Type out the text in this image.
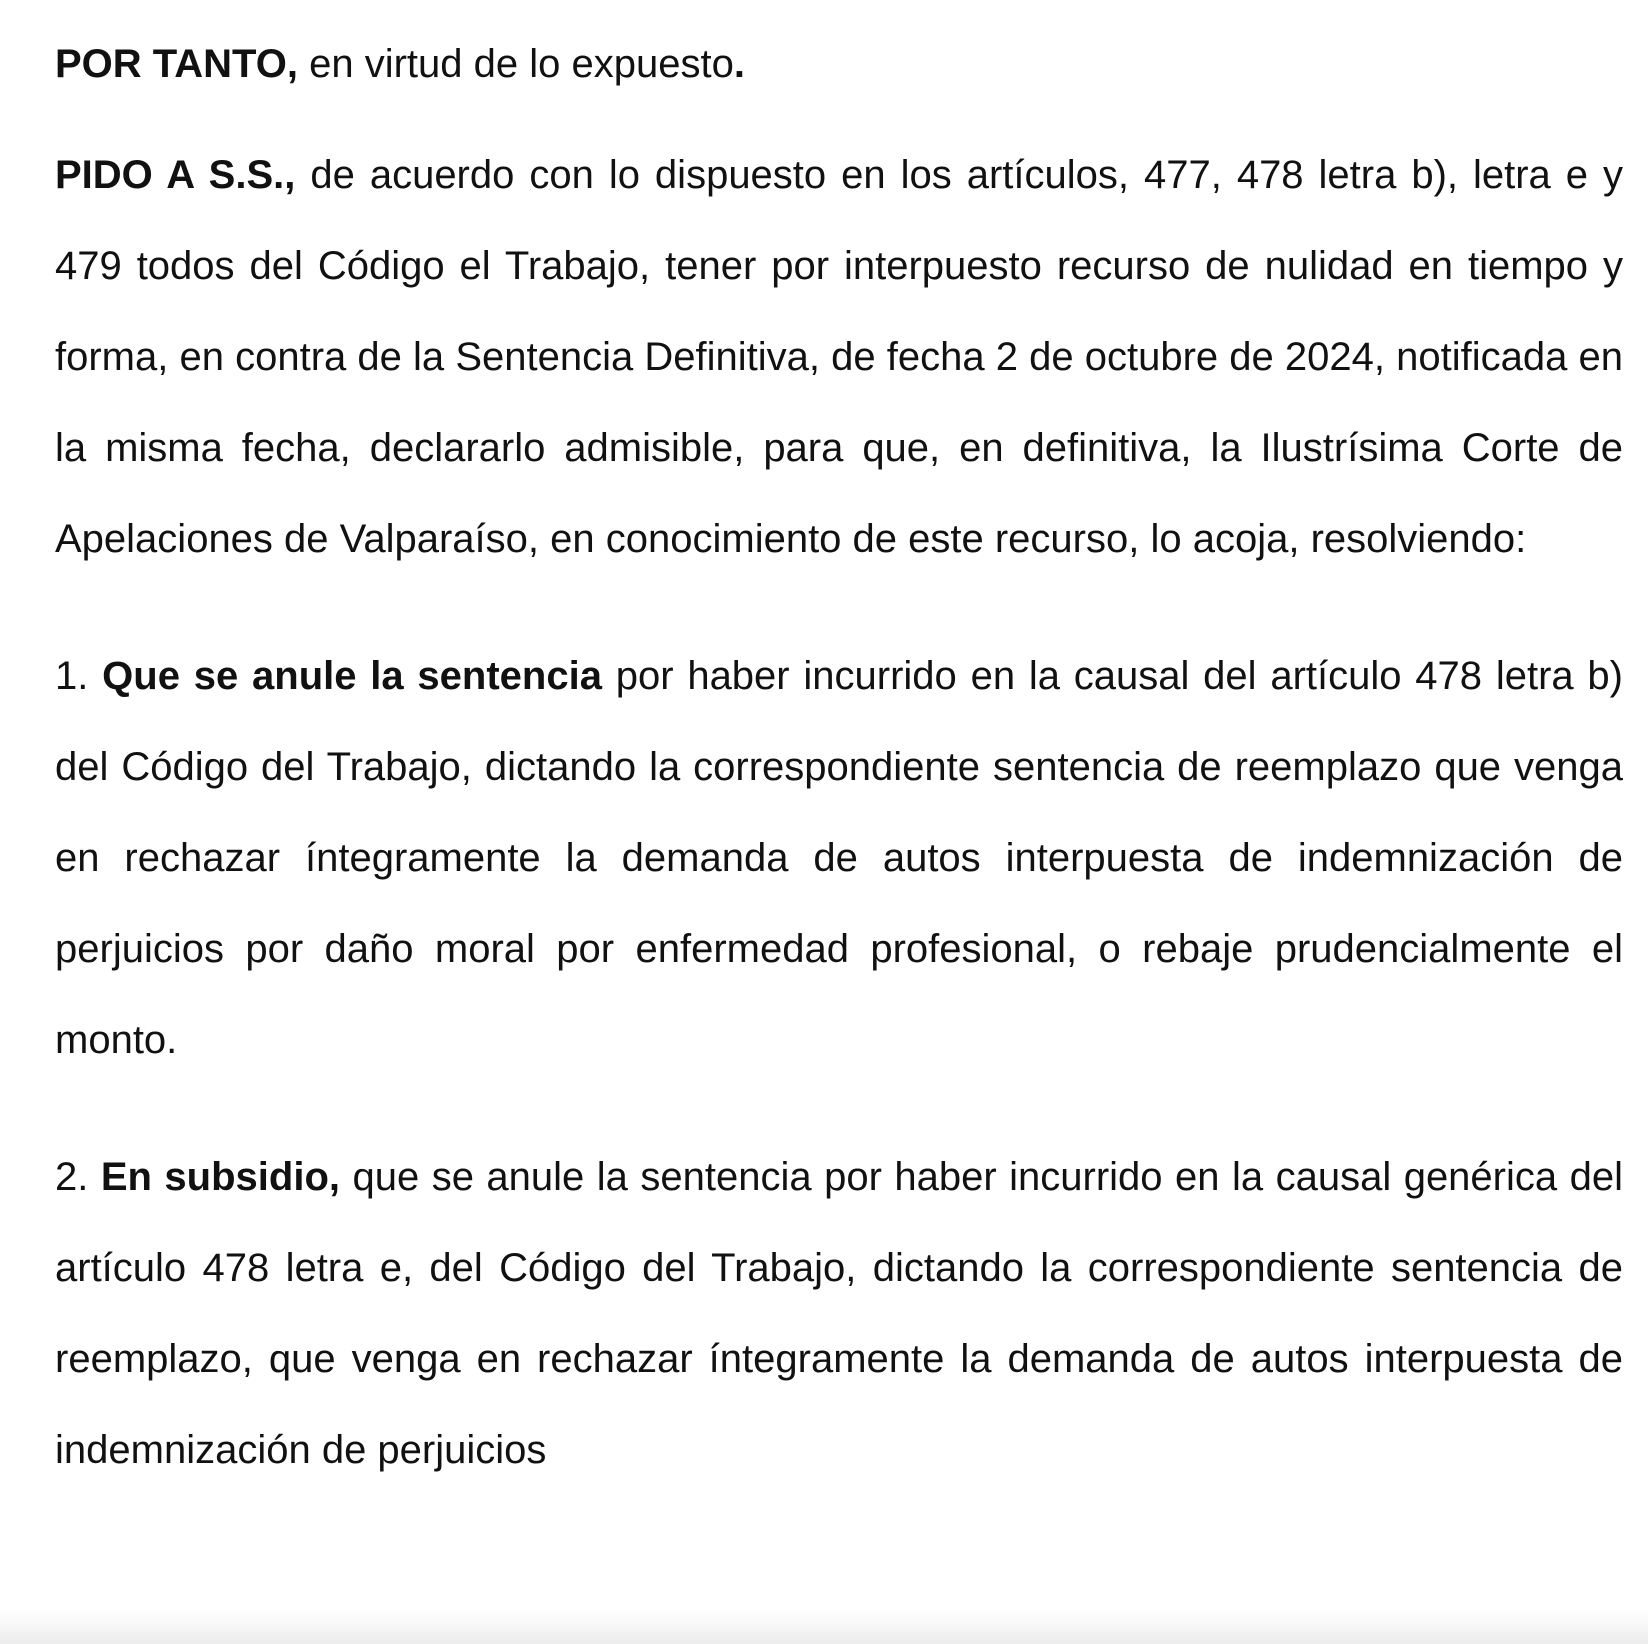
POR TANTO, en virtud de lo expuesto.

PIDO A S.S., de acuerdo con lo dispuesto en los artículos, 477, 478 letra b), letra e y 479 todos del Código el Trabajo, tener por interpuesto recurso de nulidad en tiempo y forma, en contra de la Sentencia Definitiva, de fecha 2 de octubre de 2024, notificada en la misma fecha, declararlo admisible, para que, en definitiva, la Ilustrísima Corte de Apelaciones de Valparaíso, en conocimiento de este recurso, lo acoja, resolviendo:

1. Que se anule la sentencia por haber incurrido en la causal del artículo 478 letra b) del Código del Trabajo, dictando la correspondiente sentencia de reemplazo que venga en rechazar íntegramente la demanda de autos interpuesta de indemnización de perjuicios por daño moral por enfermedad profesional, o rebaje prudencialmente el monto.

2. En subsidio, que se anule la sentencia por haber incurrido en la causal genérica del artículo 478 letra e, del Código del Trabajo, dictando la correspondiente sentencia de reemplazo, que venga en rechazar íntegramente la demanda de autos interpuesta de indemnización de perjuicios
